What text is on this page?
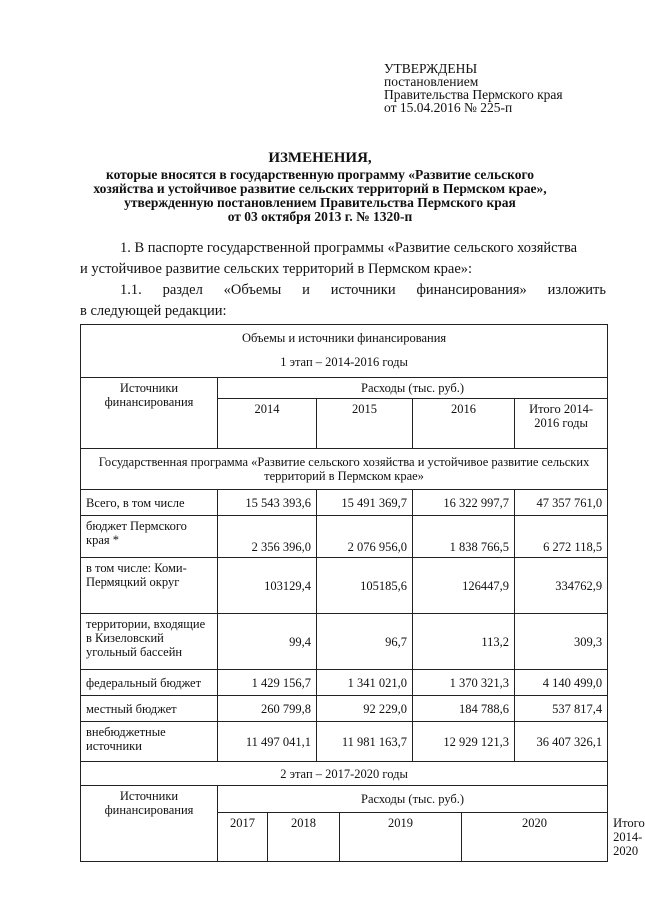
УТВЕРЖДЕНЫ
постановлением
Правительства Пермского края
от 15.04.2016 № 225-п
ИЗМЕНЕНИЯ,
которые вносятся в государственную программу «Развитие сельского
хозяйства и устойчивое развитие сельских территорий в Пермском крае»,
утвержденную постановлением Правительства Пермского края
от 03 октября 2013 г. № 1320-п
1. В паспорте государственной программы «Развитие сельского хозяйства
и устойчивое развитие сельских территорий в Пермском крае»:
1.1. раздел «Объемы и источники финансирования» изложить
в следующей редакции:
Объемы и источники финансирования
1 этап – 2014-2016 годы								

Источники финансирования	Расходы (тыс. руб.)							
	2014		2015		2016		Итого 2014-2016 годы	
Государственная программа «Развитие сельского хозяйства и устойчивое развитие сельских территорий в Пермском крае»								
Всего, в том числе	15 543 393,6		15 491 369,7		16 322 997,7		47 357 761,0	
бюджет Пермского края *	2 356 396,0		2 076 956,0		1 838 766,5		6 272 118,5	
в том числе: Коми-Пермяцкий округ	103129,4		105185,6		126447,9		334762,9	
территории, входящие в Кизеловский угольный бассейн	99,4		96,7		113,2		309,3	
федеральный бюджет	1 429 156,7		1 341 021,0		1 370 321,3		4 140 499,0	
местный бюджет	260 799,8		92 229,0		184 788,6		537 817,4	
внебюджетные источники	11 497 041,1		11 981 163,7		12 929 121,3		36 407 326,1	
2 этап – 2017-2020 годы								
Источники финансирования	Расходы (тыс. руб.)							
	2017	2018		2019		2020		Итого 2014-2020
